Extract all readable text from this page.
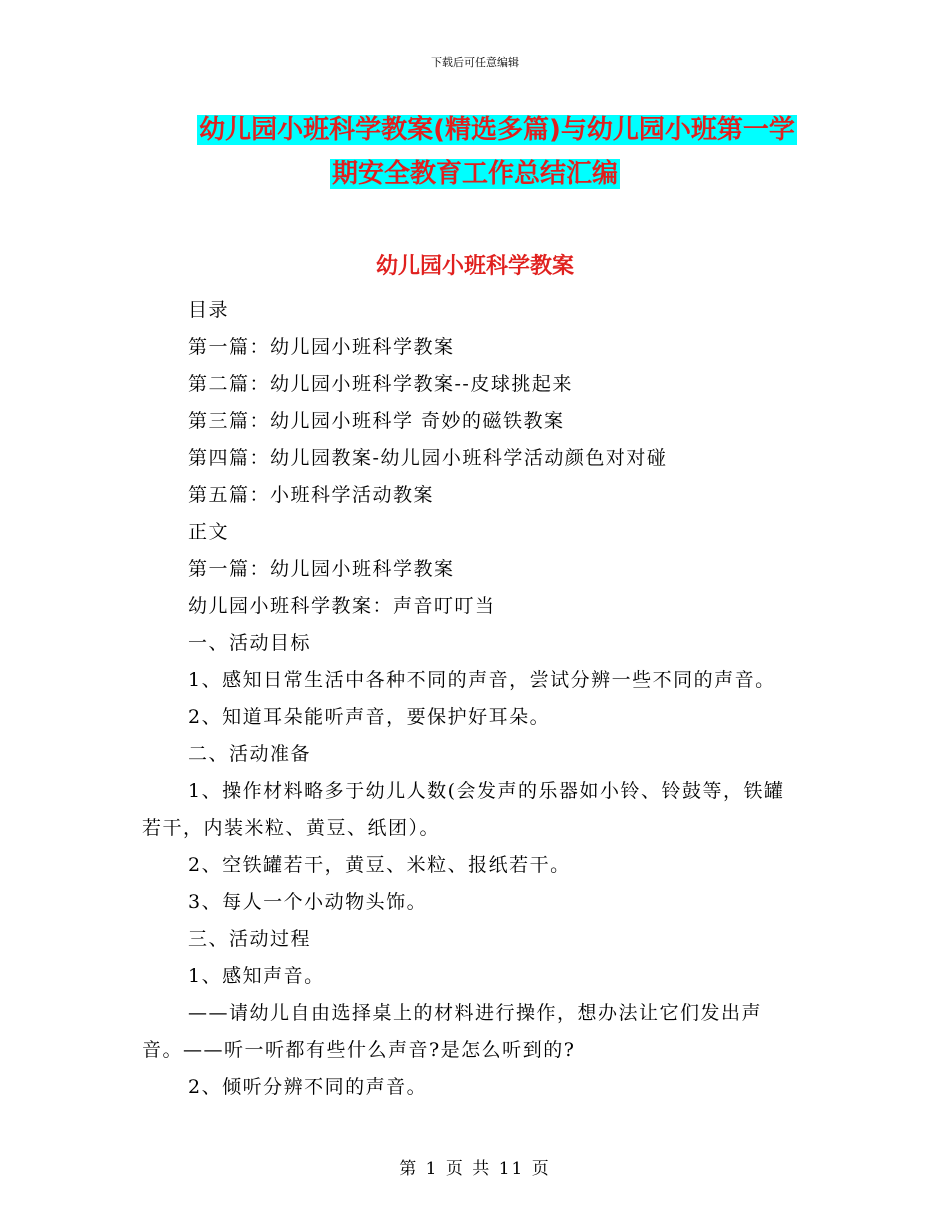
下载后可任意编辑
幼儿园小班科学教案(精选多篇)与幼儿园小班第一学
期安全教育工作总结汇编
幼儿园小班科学教案

目录

第一篇：幼儿园小班科学教案

第二篇：幼儿园小班科学教案--皮球挑起来

第三篇：幼儿园小班科学 奇妙的磁铁教案

第四篇：幼儿园教案-幼儿园小班科学活动颜色对对碰

第五篇：小班科学活动教案

正文

第一篇：幼儿园小班科学教案

幼儿园小班科学教案：声音叮叮当

一、活动目标

1、感知日常生活中各种不同的声音，尝试分辨一些不同的声音。

2、知道耳朵能听声音，要保护好耳朵。

二、活动准备

1、操作材料略多于幼儿人数(会发声的乐器如小铃、铃鼓等，铁罐若干，内装米粒、黄豆、纸团）。

2、空铁罐若干，黄豆、米粒、报纸若干。

3、每人一个小动物头饰。

三、活动过程

1、感知声音。

——请幼儿自由选择桌上的材料进行操作，想办法让它们发出声音。——听一听都有些什么声音?是怎么听到的?

2、倾听分辨不同的声音。

第 1 页 共 11 页
